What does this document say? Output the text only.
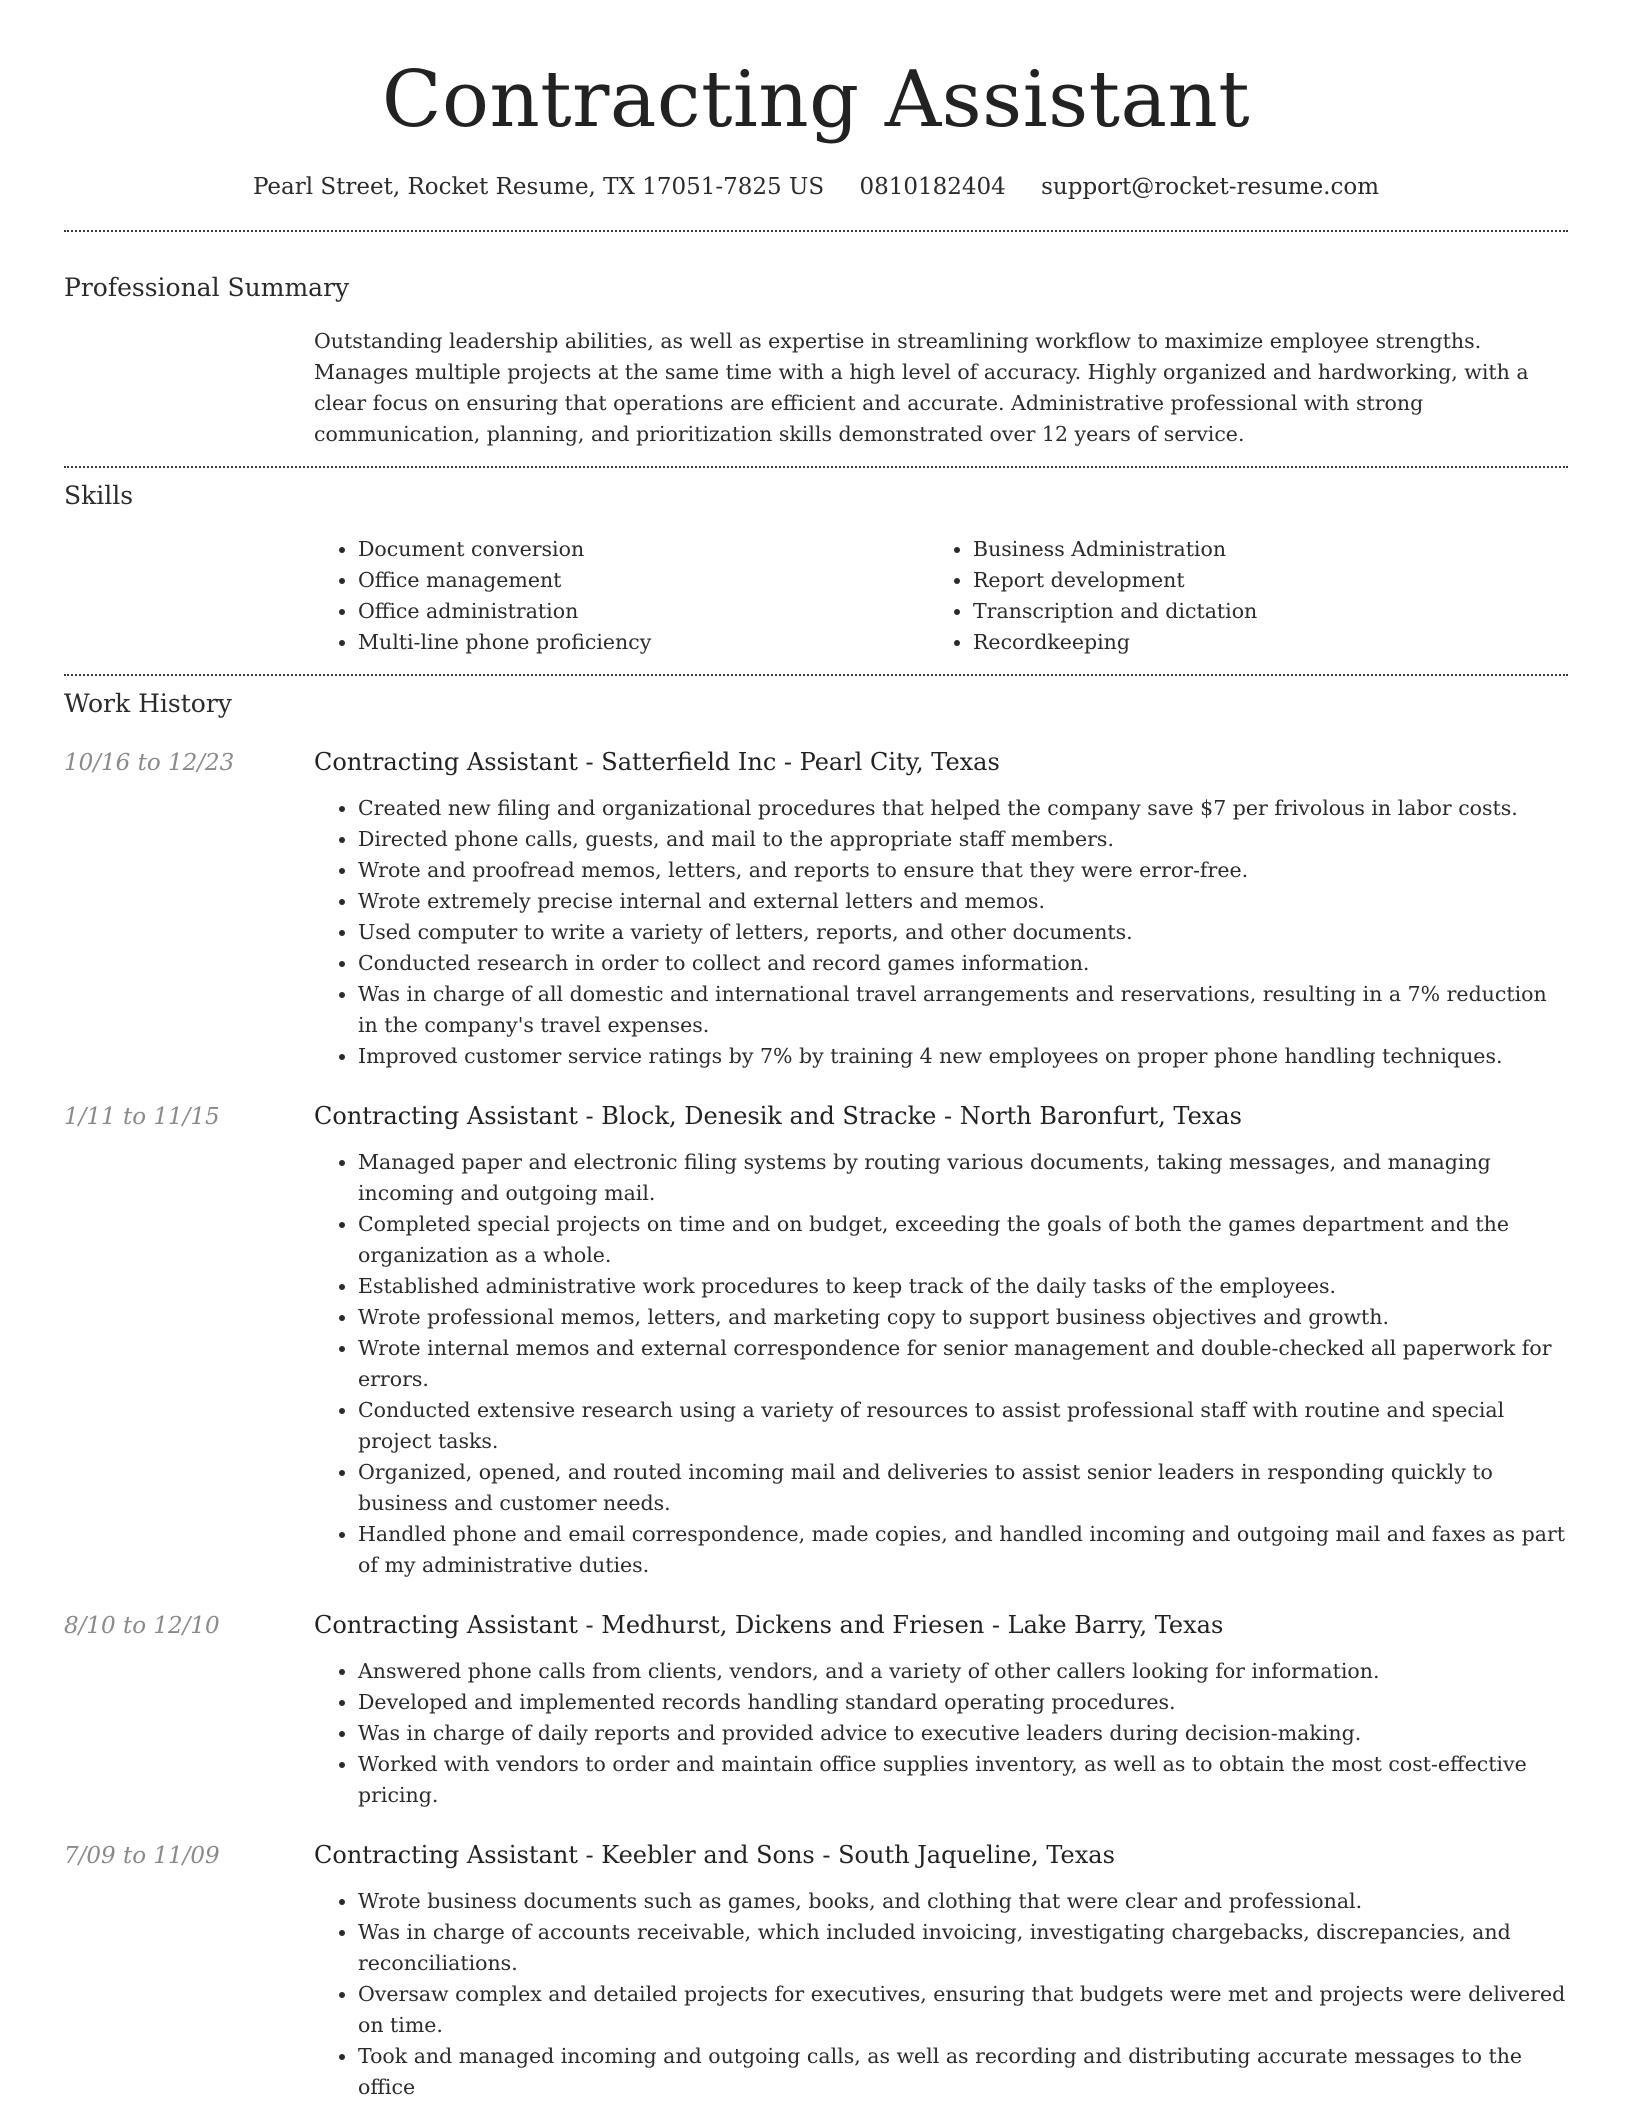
Contracting Assistant
Pearl Street, Rocket Resume, TX 17051-7825 US 0810182404 support@rocket-resume.com
Professional Summary
Outstanding leadership abilities, as well as expertise in streamlining workflow to maximize employee strengths. Manages multiple projects at the same time with a high level of accuracy. Highly organized and hardworking, with a clear focus on ensuring that operations are efficient and accurate. Administrative professional with strong communication, planning, and prioritization skills demonstrated over 12 years of service.
Skills
• Document conversion
• Office management
• Office administration
• Multi-line phone proficiency
• Business Administration
• Report development
• Transcription and dictation
• Recordkeeping
Work History
10/16 to 12/23	Contracting Assistant - Satterfield Inc - Pearl City, Texas
• Created new filing and organizational procedures that helped the company save $7 per frivolous in labor costs.
• Directed phone calls, guests, and mail to the appropriate staff members.
• Wrote and proofread memos, letters, and reports to ensure that they were error-free.
• Wrote extremely precise internal and external letters and memos.
• Used computer to write a variety of letters, reports, and other documents.
• Conducted research in order to collect and record games information.
• Was in charge of all domestic and international travel arrangements and reservations, resulting in a 7% reduction in the company's travel expenses.
• Improved customer service ratings by 7% by training 4 new employees on proper phone handling techniques.
1/11 to 11/15	Contracting Assistant - Block, Denesik and Stracke - North Baronfurt, Texas
• Managed paper and electronic filing systems by routing various documents, taking messages, and managing incoming and outgoing mail.
• Completed special projects on time and on budget, exceeding the goals of both the games department and the organization as a whole.
• Established administrative work procedures to keep track of the daily tasks of the employees.
• Wrote professional memos, letters, and marketing copy to support business objectives and growth.
• Wrote internal memos and external correspondence for senior management and double-checked all paperwork for errors.
• Conducted extensive research using a variety of resources to assist professional staff with routine and special project tasks.
• Organized, opened, and routed incoming mail and deliveries to assist senior leaders in responding quickly to business and customer needs.
• Handled phone and email correspondence, made copies, and handled incoming and outgoing mail and faxes as part of my administrative duties.
8/10 to 12/10	Contracting Assistant - Medhurst, Dickens and Friesen - Lake Barry, Texas
• Answered phone calls from clients, vendors, and a variety of other callers looking for information.
• Developed and implemented records handling standard operating procedures.
• Was in charge of daily reports and provided advice to executive leaders during decision-making.
• Worked with vendors to order and maintain office supplies inventory, as well as to obtain the most cost-effective pricing.
7/09 to 11/09	Contracting Assistant - Keebler and Sons - South Jaqueline, Texas
• Wrote business documents such as games, books, and clothing that were clear and professional.
• Was in charge of accounts receivable, which included invoicing, investigating chargebacks, discrepancies, and reconciliations.
• Oversaw complex and detailed projects for executives, ensuring that budgets were met and projects were delivered on time.
• Took and managed incoming and outgoing calls, as well as recording and distributing accurate messages to the office
